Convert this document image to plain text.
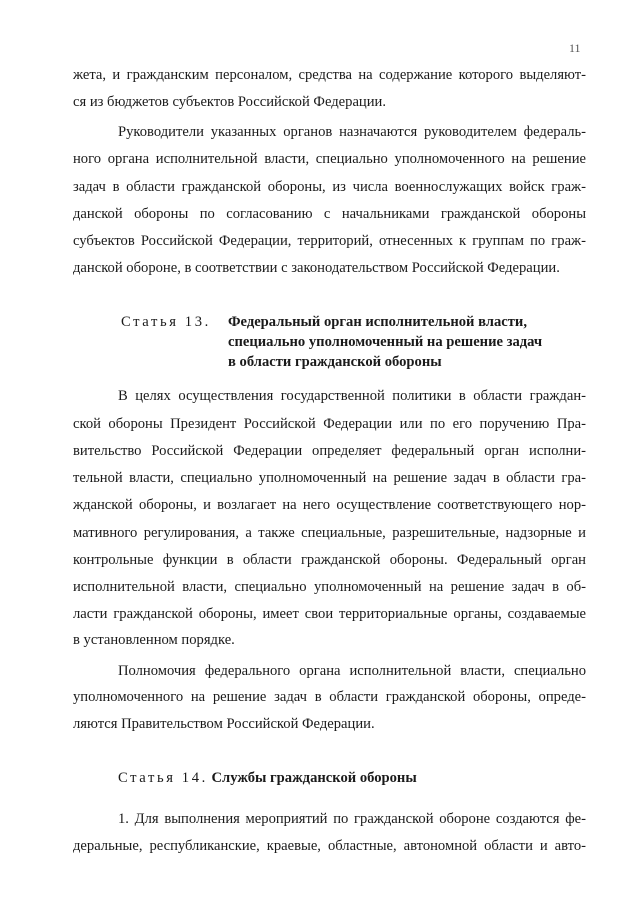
11
жета, и гражданским персоналом, средства на содержание которого выделяют-
ся из бюджетов субъектов Российской Федерации.
Руководители указанных органов назначаются руководителем федераль-
ного органа исполнительной власти, специально уполномоченного на решение
задач в области гражданской обороны, из числа военнослужащих войск граж-
данской обороны по согласованию с начальниками гражданской обороны
субъектов Российской Федерации, территорий, отнесенных к группам по граж-
данской обороне, в соответствии с законодательством Российской Федерации.
Статья 13. Федеральный орган исполнительной власти,
специально уполномоченный на решение задач
в области гражданской обороны
В целях осуществления государственной политики в области граждан-
ской обороны Президент Российской Федерации или по его поручению Пра-
вительство Российской Федерации определяет федеральный орган исполни-
тельной власти, специально уполномоченный на решение задач в области гра-
жданской обороны, и возлагает на него осуществление соответствующего нор-
мативного регулирования, а также специальные, разрешительные, надзорные и
контрольные функции в области гражданской обороны. Федеральный орган
исполнительной власти, специально уполномоченный на решение задач в об-
ласти гражданской обороны, имеет свои территориальные органы, создаваемые
в установленном порядке.
Полномочия федерального органа исполнительной власти, специально
уполномоченного на решение задач в области гражданской обороны, опреде-
ляются Правительством Российской Федерации.
Статья 14. Службы гражданской обороны
1. Для выполнения мероприятий по гражданской обороне создаются фе-
деральные, республиканские, краевые, областные, автономной области и авто-
